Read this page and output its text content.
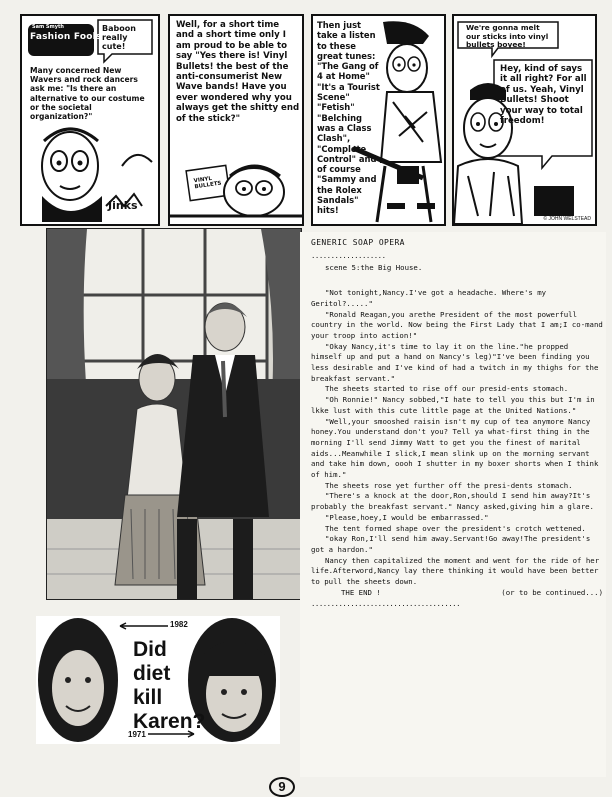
Sam Smyth
Fashion Fools
Baboon really cute!
Many concerned New Wavers and rock dancers ask me: "Is there an alternative to our costume or the societal organization?"
Jinks
Well, for a short time and a short time only I am proud to be able to say "Yes there is! Vinyl Bullets! the best of the anti-consumerist New Wave bands! Have you ever wondered why you always get the shitty end of the stick?"
VINYL BULLETS
Then just take a listen to these great tunes: "The Gang of 4 at Home" "It's a Tourist Scene" "Fetish" "Belching was a Class Clash", "Complete Control" and of course "Sammy and the Rolex Sandals" hits!
We're gonna melt our sticks into vinyl bullets boyee!
Hey, kind of says it all right? For all of us. Yeah, Vinyl Bullets! Shoot your way to total freedom!
© JOHN WELSTEAD
1982
1971
Did
diet
kill
Karen?

GENERIC SOAP OPERA

...................

scene 5:the Big House.

"Not tonight,Nancy.I've got a headache. Where's my Geritol?....."

"Ronald Reagan,you arethe President of the most powerfull country in the world. Now being the First Lady that I am;I co-mand your troop into action!"

"Okay Nancy,it's time to lay it on the line."he propped himself up and put a hand on Nancy's leg)"I've been finding you less desirable and I've kind of had a twitch in my thighs for the breakfast servant."

The sheets started to rise off our presid-ents stomach.

"Oh Ronnie!" Nancy sobbed,"I hate to tell you this but I'm in lkke lust with this cute little page at the United Nations."

"Well,your smooshed raisin isn't my cup of tea anymore Nancy honey.You understand don't you? Tell ya what-first thing in the morning I'll send Jimmy Watt to get you the finest of marital aids...Meanwhile I slick,I mean slink up on the morning servant and take him down, oooh I shutter in my boxer shorts when I think of him."

The sheets rose yet further off the presi-dents stomach.

"There's a knock at the door,Ron,should I send him away?It's probably the breakfast servant." Nancy asked,giving him a glare.

"Please,hoey,I would be embarrassed."

The tent formed shape over the president's crotch wettened.

"okay Ron,I'll send him away.Servant!Go away!The president's got a hardon."

Nancy then capitalized the moment and went for the ride of her life.Afterword,Nancy lay there thinking it would have been better to pull the sheets down.

THE END !	(or to be continued...)

......................................

9
